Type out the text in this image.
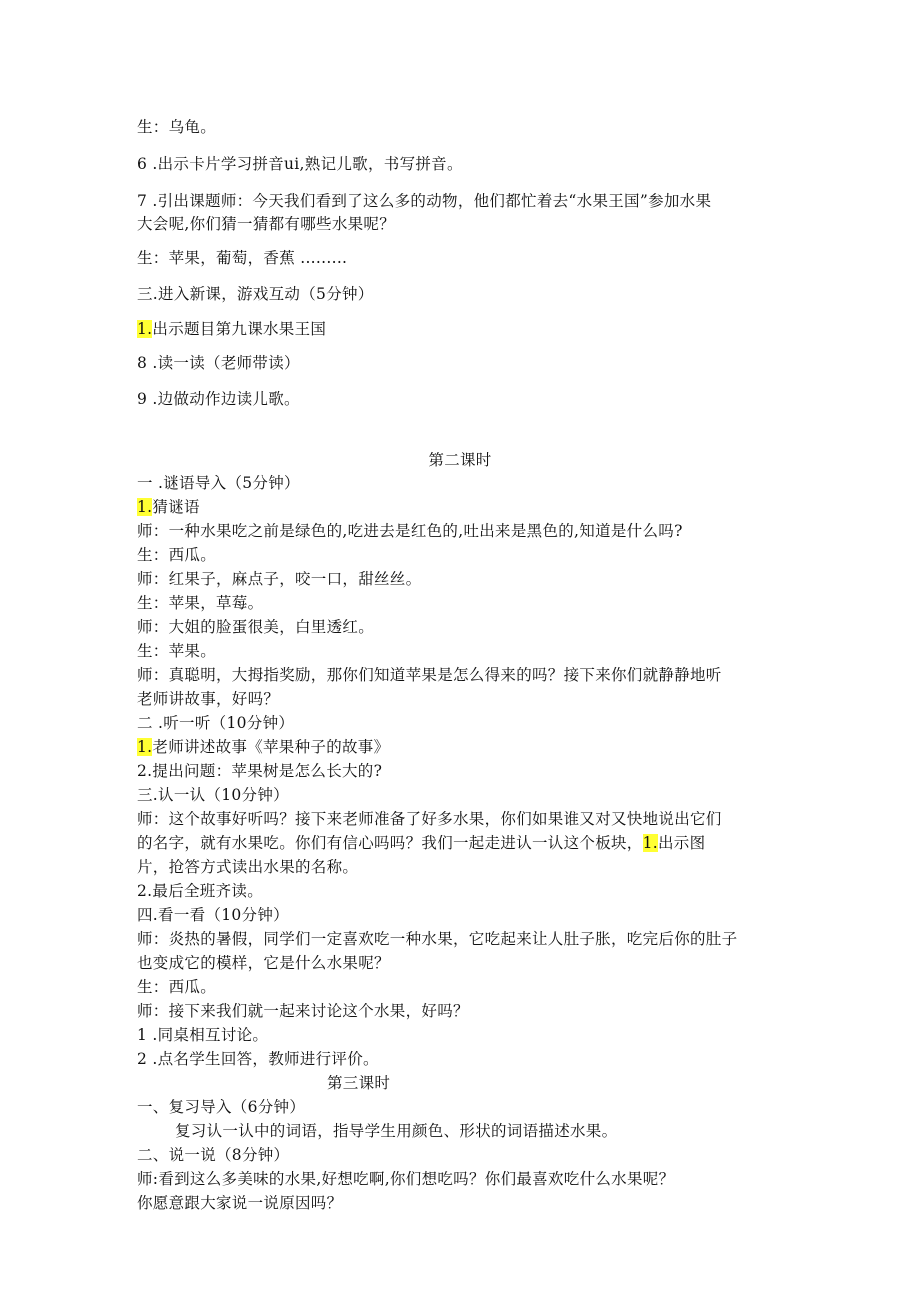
生：乌龟。
6 .出示卡片学习拼音ui,熟记儿歌，书写拼音。
7 .引出课题师：今天我们看到了这么多的动物，他们都忙着去“水果王国”参加水果
大会呢,你们猜一猜都有哪些水果呢？
生：苹果，葡萄，香蕉 .........
三.进入新课，游戏互动（5分钟）
1.出示题目第九课水果王国
8 .读一读（老师带读）
9 .边做动作边读儿歌。
第二课时
一 .谜语导入（5分钟）
1.猜谜语
师：一种水果吃之前是绿色的,吃进去是红色的,吐出来是黑色的,知道是什么吗?
生：西瓜。
师：红果子，麻点子，咬一口，甜丝丝。
生：苹果，草莓。
师：大姐的脸蛋很美，白里透红。
生：苹果。
师：真聪明，大拇指奖励，那你们知道苹果是怎么得来的吗？接下来你们就静静地听
老师讲故事，好吗？
二 .听一听（10分钟）
1.老师讲述故事《苹果种子的故事》
2.提出问题：苹果树是怎么长大的?
三.认一认（10分钟）
师：这个故事好听吗？接下来老师准备了好多水果，你们如果谁又对又快地说出它们
的名字，就有水果吃。你们有信心吗吗？我们一起走进认一认这个板块，1.出示图
片，抢答方式读出水果的名称。
2.最后全班齐读。
四.看一看（10分钟）
师：炎热的暑假，同学们一定喜欢吃一种水果，它吃起来让人肚子胀，吃完后你的肚子
也变成它的模样，它是什么水果呢？
生：西瓜。
师：接下来我们就一起来讨论这个水果，好吗？
1 .同桌相互讨论。
2 .点名学生回答，教师进行评价。
第三课时
一、复习导入（6分钟）
复习认一认中的词语，指导学生用颜色、形状的词语描述水果。
二、说一说（8分钟）
师:看到这么多美味的水果,好想吃啊,你们想吃吗？你们最喜欢吃什么水果呢？
你愿意跟大家说一说原因吗？
